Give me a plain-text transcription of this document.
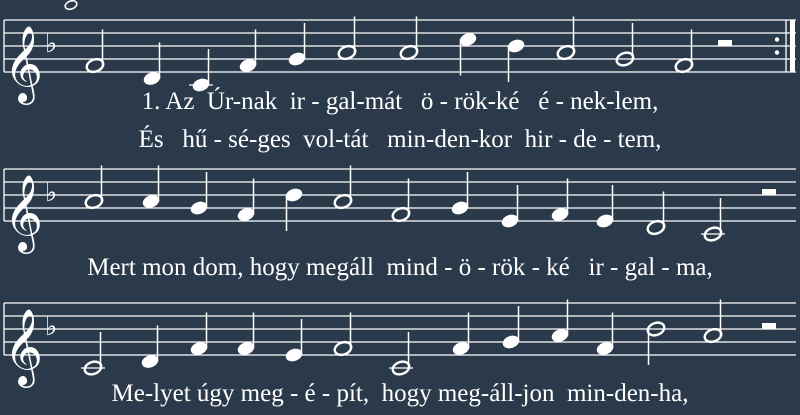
𝄞 ♭
𝄞 ♭
𝄞 ♭
1. Az  Úr-nak  ir - gal-mát   ö - rök-ké   é - nek-lem,
És   hű - sé-ges  vol-tát   min-den-kor  hir - de - tem,
Mert mon dom, hogy megáll  mind - ö - rök - ké   ir - gal - ma,
Me-lyet úgy meg - é - pít,  hogy meg-áll-jon  min-den-ha,
